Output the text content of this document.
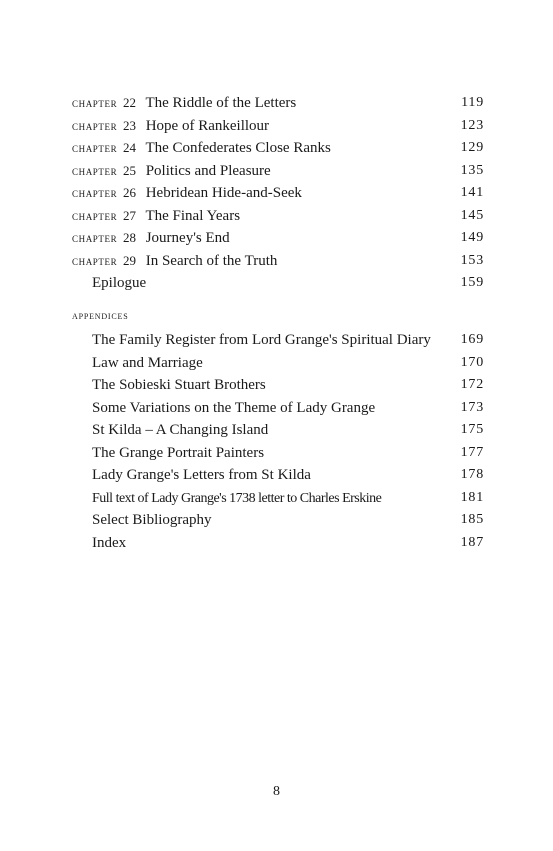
chapter 22 The Riddle of the Letters	119
chapter 23 Hope of Rankeillour	123
chapter 24 The Confederates Close Ranks	129
chapter 25 Politics and Pleasure	135
chapter 26 Hebridean Hide-and-Seek	141
chapter 27 The Final Years	145
chapter 28 Journey's End	149
chapter 29 In Search of the Truth	153
Epilogue	159
appendices
The Family Register from Lord Grange's Spiritual Diary 169
Law and Marriage	170
The Sobieski Stuart Brothers	172
Some Variations on the Theme of Lady Grange	173
St Kilda – A Changing Island	175
The Grange Portrait Painters	177
Lady Grange's Letters from St Kilda	178
Full text of Lady Grange's 1738 letter to Charles Erskine	181
Select Bibliography	185
Index	187
8
